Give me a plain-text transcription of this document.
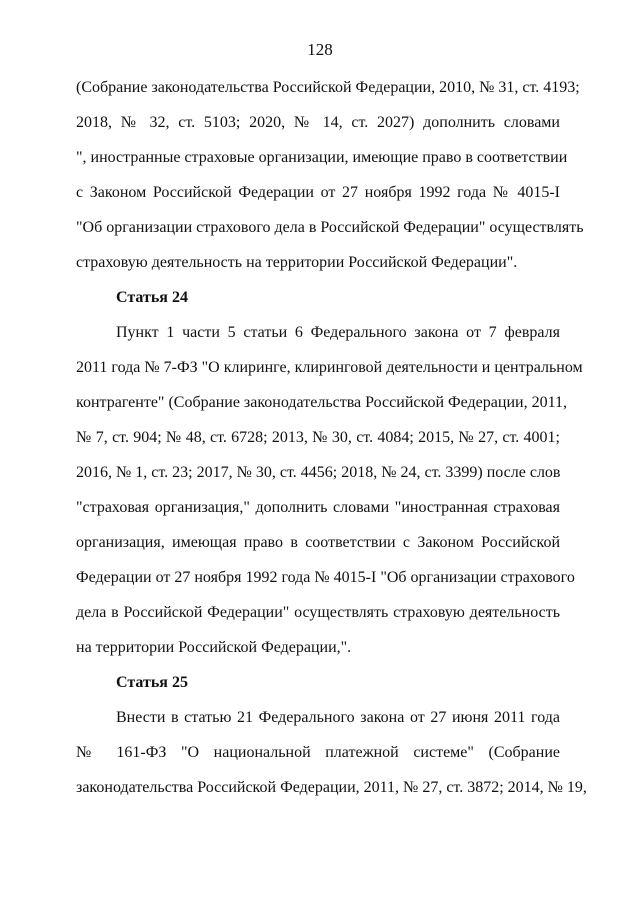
128
(Собрание законодательства Российской Федерации, 2010, № 31, ст. 4193;
2018, № 32, ст. 5103; 2020, № 14, ст. 2027) дополнить словами
", иностранные страховые организации, имеющие право в соответствии
с Законом Российской Федерации от 27 ноября 1992 года № 4015-I
"Об организации страхового дела в Российской Федерации" осуществлять
страховую деятельность на территории Российской Федерации".
Статья 24
Пункт 1 части 5 статьи 6 Федерального закона от 7 февраля
2011 года № 7-ФЗ "О клиринге, клиринговой деятельности и центральном
контрагенте" (Собрание законодательства Российской Федерации, 2011,
№ 7, ст. 904; № 48, ст. 6728; 2013, № 30, ст. 4084; 2015, № 27, ст. 4001;
2016, № 1, ст. 23; 2017, № 30, ст. 4456; 2018, № 24, ст. 3399) после слов
"страховая организация," дополнить словами "иностранная страховая
организация, имеющая право в соответствии с Законом Российской
Федерации от 27 ноября 1992 года № 4015-I "Об организации страхового
дела в Российской Федерации" осуществлять страховую деятельность
на территории Российской Федерации,".
Статья 25
Внести в статью 21 Федерального закона от 27 июня 2011 года
№ 161-ФЗ "О национальной платежной системе" (Собрание
законодательства Российской Федерации, 2011, № 27, ст. 3872; 2014, № 19,
